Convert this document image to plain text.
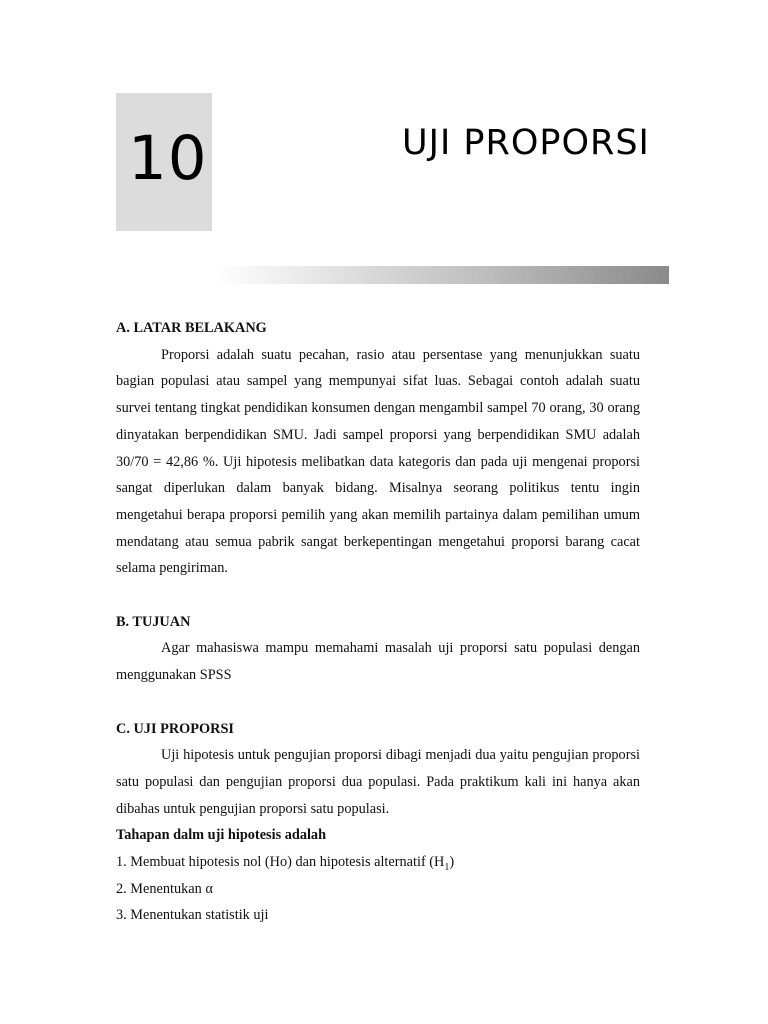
10	UJI PROPORSI

A. LATAR BELAKANG

Proporsi adalah suatu pecahan, rasio atau persentase yang menunjukkan suatu bagian populasi atau sampel yang mempunyai sifat luas. Sebagai contoh adalah suatu survei tentang tingkat pendidikan konsumen dengan mengambil sampel 70 orang, 30 orang dinyatakan berpendidikan SMU. Jadi sampel proporsi yang berpendidikan SMU adalah 30/70 = 42,86 %. Uji hipotesis melibatkan data kategoris dan pada uji mengenai proporsi sangat diperlukan dalam banyak bidang. Misalnya seorang politikus tentu ingin mengetahui berapa proporsi pemilih yang akan memilih partainya dalam pemilihan umum mendatang atau semua pabrik sangat berkepentingan mengetahui proporsi barang cacat selama pengiriman.

B. TUJUAN

Agar mahasiswa mampu memahami masalah uji proporsi satu populasi dengan menggunakan SPSS

C. UJI PROPORSI

Uji hipotesis untuk pengujian proporsi dibagi menjadi dua yaitu pengujian proporsi satu populasi dan pengujian proporsi dua populasi. Pada praktikum kali ini hanya akan dibahas untuk pengujian proporsi satu populasi.

Tahapan dalm uji hipotesis adalah

1. Membuat hipotesis nol (Ho) dan hipotesis alternatif $(H_1)$

2. Menentukan α

3. Menentukan statistik uji
